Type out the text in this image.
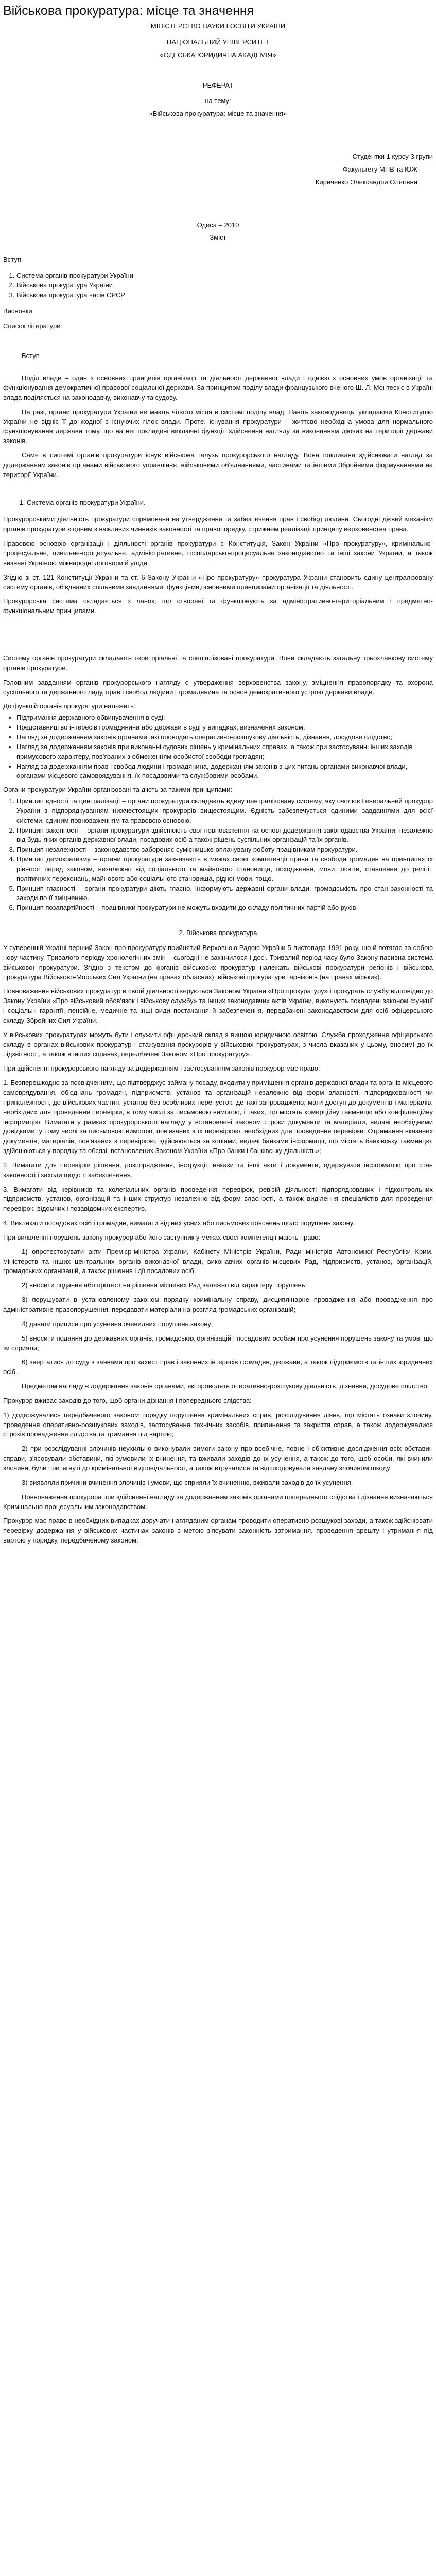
Військова прокуратура: місце та значення

МІНІСТЕРСТВО НАУКИ І ОСВІТИ УКРАЇНИ

НАЦІОНАЛЬНИЙ УНІВЕРСИТЕТ

«ОДЕСЬКА ЮРИДИЧНА АКАДЕМІЯ»

РЕФЕРАТ

на тему:

«Військова прокуратура: місце та значення»

Студентки 1 курсу 3 групи

Факультету МПВ та ЮЖ

Кириченко Олександри Олегівни

Одеса – 2010

Зміст

Вступ

1. Система органів прокуратури України
2. Військова прокуратура України
3. Військова прокуратура часів СРСР

Висновки

Список літератури

Вступ

Поділ влади – один з основних принципів організації та діяльності державної влади і однією з основних умов організації та функціонування демократичної правової соціальної держави. За принципом поділу влади французького вченого Ш. Л. Монтеск'є в Україні влада поділяється на законодавчу, виконавчу та судову.

На разі, органи прокуратури України не мають чіткого місця в системі поділу влад. Навіть законодавець, укладаючи Конституцію України не відніс її до жодної з існуючих гілок влади. Проте, існування прокуратури – життєво необхідна умова для нормального функціонування держави тому, що на неї покладені виключні функції, здійснення нагляду за виконанням діючих на території держави законів.

Саме в системі органів прокуратури існує військова галузь прокурорського нагляду. Вона покликана здійснювати нагляд за додержанням законів органами військового управління, військовими об'єднаннями, частинами та іншими Збройними формуваннями на території України.

1. Система органів прокуратури України.

Прокурорськими діяльність прокуратури спрямована на утвердження та забезпечення прав і свобод людини. Сьогодні дієвий механізм органів прокуратури є одним з важливих чинників законності та правопорядку, стрижнем реалізації принципу верховенства права.

Правовою основою організації і діяльності органів прокуратури є Конституція, Закон України «Про прокуратуру», кримінально-процесуальне, цивільне-процесуальне, адміністративне, господарсько-процесуальне законодавство та інші закони України, а також визнані Україною міжнародні договори й угоди.

Згідно зі ст. 121 Конституції України та ст. 6 Закону України «Про прокуратуру» прокуратура України становить єдину централізовану систему органів, об'єднаних спільними завданнями, функціями,основними принципами організації та діяльності.

Прокурорська система складається з ланок, що створені та функціонують за адміністративно-територіальним і предметно-функціональним принципами.

Систему органів прокуратури складають територіальні та спеціалізовані прокуратури. Вони складають загальну трьохланкову систему органів прокуратури.

Головним завданням органів прокурорського нагляду є утвердження верховенства закону, зміцнення правопорядку та охорона суспільного та державного ладу, прав і свобод людини і громадянина та основ демократичного устрою держави влади.

До функцій органів прокуратури належить:

• Підтримання державного обвинувачення в суді;
• Представництво інтересів громадянина або держави в суді у випадках, визначених законом;
• Нагляд за додержанням законів органами, які проводять оперативно-розшукову діяльність, дізнання, досудове слідство;
• Нагляд за додержанням законів при виконанні судових рішень у кримінальних справах, а також при застосуванні інших заходів примусового характеру, пов'язаних з обмеженням особистої свободи громадян;
• Нагляд за додержанням прав і свобод людини і громадянина, додержанням законів з цих питань органами виконавчої влади, органами місцевого самоврядування, їх посадовими та службовими особами.

Органи прокуратури України організовані та діють за такими принципами:

1. Принцип єдності та централізації – органи прокуратури складають єдину централізовану систему, яку очолює Генеральний прокурор України з підпорядкуванням нижчестоящих прокурорів вищестоящим. Єдність забезпечується єдиними завданнями для всієї системи, єдиним повноваженням та правовою основою.
2. Принцип законності – органи прокуратури здійснюють свої повноваження на основі додержання законодавства України, незалежно від будь-яких органів державної влади, посадових осіб а також рішень суспільних організацій та їх органів.
3. Принцип незалежності – законодавство забороняє сумісницьке оплачувану роботу працівникам прокуратури.
4. Принцип демократизму – органи прокуратури зазначають в межах своєї компетенції права та свободи громадян на принципах їх рівності перед законом, незалежно від соціального та майнового становища, походження, мови, освіти, ставлення до релігії, політичних переконань, майнового або соціального становища, рідної мови, тощо.
5. Принцип гласності – органи прокуратури діють гласно. Інформують державні органи влади, громадськість про стан законності та заходи по її зміцненню.
6. Принцип позапартійності – працівники прокуратури не можуть входити до складу політичних партій або рухів.

2. Військова прокуратура

У суверенній Україні перший Закон про прокуратуру прийнятий Верховною Радою України 5 листопада 1991 року, що й потягло за собою нову частину. Тривалого періоду хронологічних змін – сьогодні не закінчилося і досі. Тривалий період часу було Закону пасивна система військової прокуратури. Згідно з текстом до органів військових прокуратур належать військові прокуратури регіонів і військова прокуратура Військово-Морських Сил України (на правах обласних), військові прокуратури гарнізонів (на правах міських).

Повноваження військових прокуратур в своїй діяльності керуються Законом України «Про прокуратуру» і прокурать службу відповідно до Закону України «Про військовий обов'язок і військову службу» та інших законодавчих актів України, виконують покладені законом функції і соціальні гарантії, пенсійне, медичне та інші види постачання й забезпечення, передбачені законодавством для осіб офіцерського складу Збройних Сил України.

У військових прокуратурах можуть бути і служити офіцерський склад з вищою юридичною освітою. Служба проходження офіцерського складу в органах військових прокуратур і стажування прокурорів у військових прокуратурах, з числа вказаних у цьому, вносимі до їх підзвітності, а також в інших справах, передбачені Законом «Про прокуратуру».

При здійсненні прокурорського нагляду за додержанням і застосуванням законів прокурор має право:

1. Безперешкодно за посвідченням, що підтверджує займану посаду, входити у приміщення органів державної влади та органів місцевого самоврядування, об'єднань громадян, підприємств, установ та організацій незалежно від форм власності, підпорядкованості чи приналежності, до військових частин, установ без особливих перепусток, де такі запроваджено; мати доступ до документів і матеріалів, необхідних для проведення перевірки, в тому числі за письмовою вимогою, і таких, що містять комерційну таємницю або конфіденційну інформацію. Вимагати у рамках прокурорського нагляду у встановлені законом строки документи та матеріали, видані необхідними довідками, у тому числі за письмовою вимогою, пов'язаних з їх перевіркою, необхідних для проведення перевірки. Отримання вказаних документів, матеріалів, пов'язаних з перевіркою, здійснюється за копіями, видачі банками інформації, що містять банківську таємницю, здійснюються у порядку та обсязі, встановлених Законом України «Про банки і банківську діяльність»;

2. Вимагати для перевірки рішення, розпорядження, інструкції, накази та інші акти і документи, одержувати інформацію про стан законності і заходи щодо її забезпечення.

3. Вимагати від керівників та колегіальних органів проведення перевірок, ревізій діяльності підпорядкованих і підконтрольних підприємств, установ, організацій та інших структур незалежно від форм власності, а також виділення спеціалістів для проведення перевірок, відомчих і позавідомчих експертиз.

4. Викликати посадових осіб і громадян, вимагати від них усних або письмових пояснень щодо порушень закону.

При виявленні порушень закону прокурор або його заступник у межах своєї компетенції мають право:

1) опротестовувати акти Прем'єр-міністра України, Кабінету Міністрів України, Ради міністрів Автономної Республіки Крим, міністерств та інших центральних органів виконавчої влади, виконавчих органів місцевих Рад, підприємств, установ, організацій, громадських організацій, а також рішення і дії посадових осіб;

2) вносити подання або протест на рішення місцевих Рад залежно від характеру порушень;

3) порушувати в установленому законом порядку кримінальну справу, дисциплінарне провадження або провадження про адміністративне правопорушення, передавати матеріали на розгляд громадських організацій;

4) давати приписи про усунення очевидних порушень закону;

5) вносити подання до державних органів, громадських організацій і посадовим особам про усунення порушень закону та умов, що їм сприяли;

6) звертатися до суду з заявами про захист прав і законних інтересів громадян, держави, а також підприємств та інших юридичних осіб.

Предметом нагляду є додержання законів органами, які проводять оперативно-розшукову діяльність, дізнання, досудове слідство.

Прокурор вживає заходів до того, щоб органи дізнання і попереднього слідства:

1) додержувалися передбаченого законом порядку порушення кримінальних справ, розслідування діянь, що містять ознаки злочину, проведення оперативно-розшукових заходів, застосування технічних засобів, припинення та закриття справ, а також додержувалися строків провадження слідства та тримання під вартою;

2) при розслідуванні злочинів неухильно виконували вимоги закону про всебічне, повне і об'єктивне дослідження всіх обставин справи, з'ясовували обставини, які зумовили їх вчинення, та вживали заходів до їх усунення, а також до того, щоб особи, які вчинили злочини, були притягнуті до кримінальної відповідальності, а також втручалися та відшкодовували завдану злочином шкоду;

3) виявляли причини вчинення злочинів і умови, що сприяли їх вчиненню, вживали заходів до їх усунення.

Повноваження прокурора при здійсненні нагляду за додержанням законів органами попереднього слідства і дізнання визначаються Кримінально-процесуальним законодавством.

Прокурор має право в необхідних випадках доручати нагляданим органам проводити оперативно-розшукові заходи, а також здійснювати перевірку додержання у військових частинах законів з метою з'ясувати законність затримання, проведення арешту і утримання під вартою у порядку, передбаченому законом.
